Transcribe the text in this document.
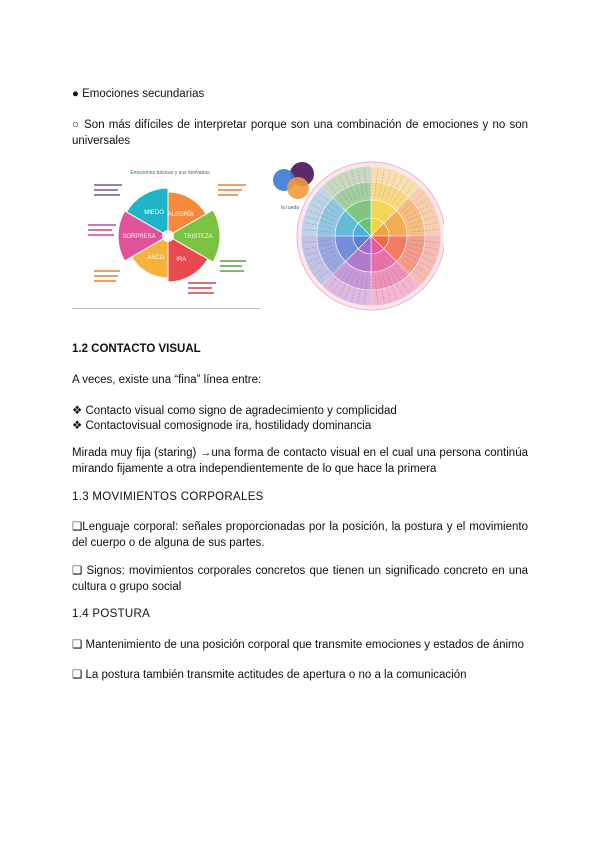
● Emociones secundarias
○ Son más difíciles de interpretar porque son una combinación de emociones y no son universales
Emociones básicas y sus derivadas
MIEDO ALEGRÍA
TRISTEZA
IRA
ASCO
SORPRESA
la rueda
1.2 CONTACTO VISUAL
A veces, existe una “fina” línea entre:
❖ Contacto visual como signo de agradecimiento y complicidad
❖ Contactovisual comosignode ira, hostilidady dominancia
Mirada muy fija (staring) →una forma de contacto visual en el cual una persona continúa mirando fijamente a otra independientemente de lo que hace la primera
1.3 MOVIMIENTOS CORPORALES
❏Lenguaje corporal: señales proporcionadas por la posición, la postura y el movimiento del cuerpo o de alguna de sus partes.
❏ Signos: movimientos corporales concretos que tienen un significado concreto en una cultura o grupo social
1.4 POSTURA
❏ Mantenimiento de una posición corporal que transmite emociones y estados de ánimo
❏ La postura también transmite actitudes de apertura o no a la comunicación
